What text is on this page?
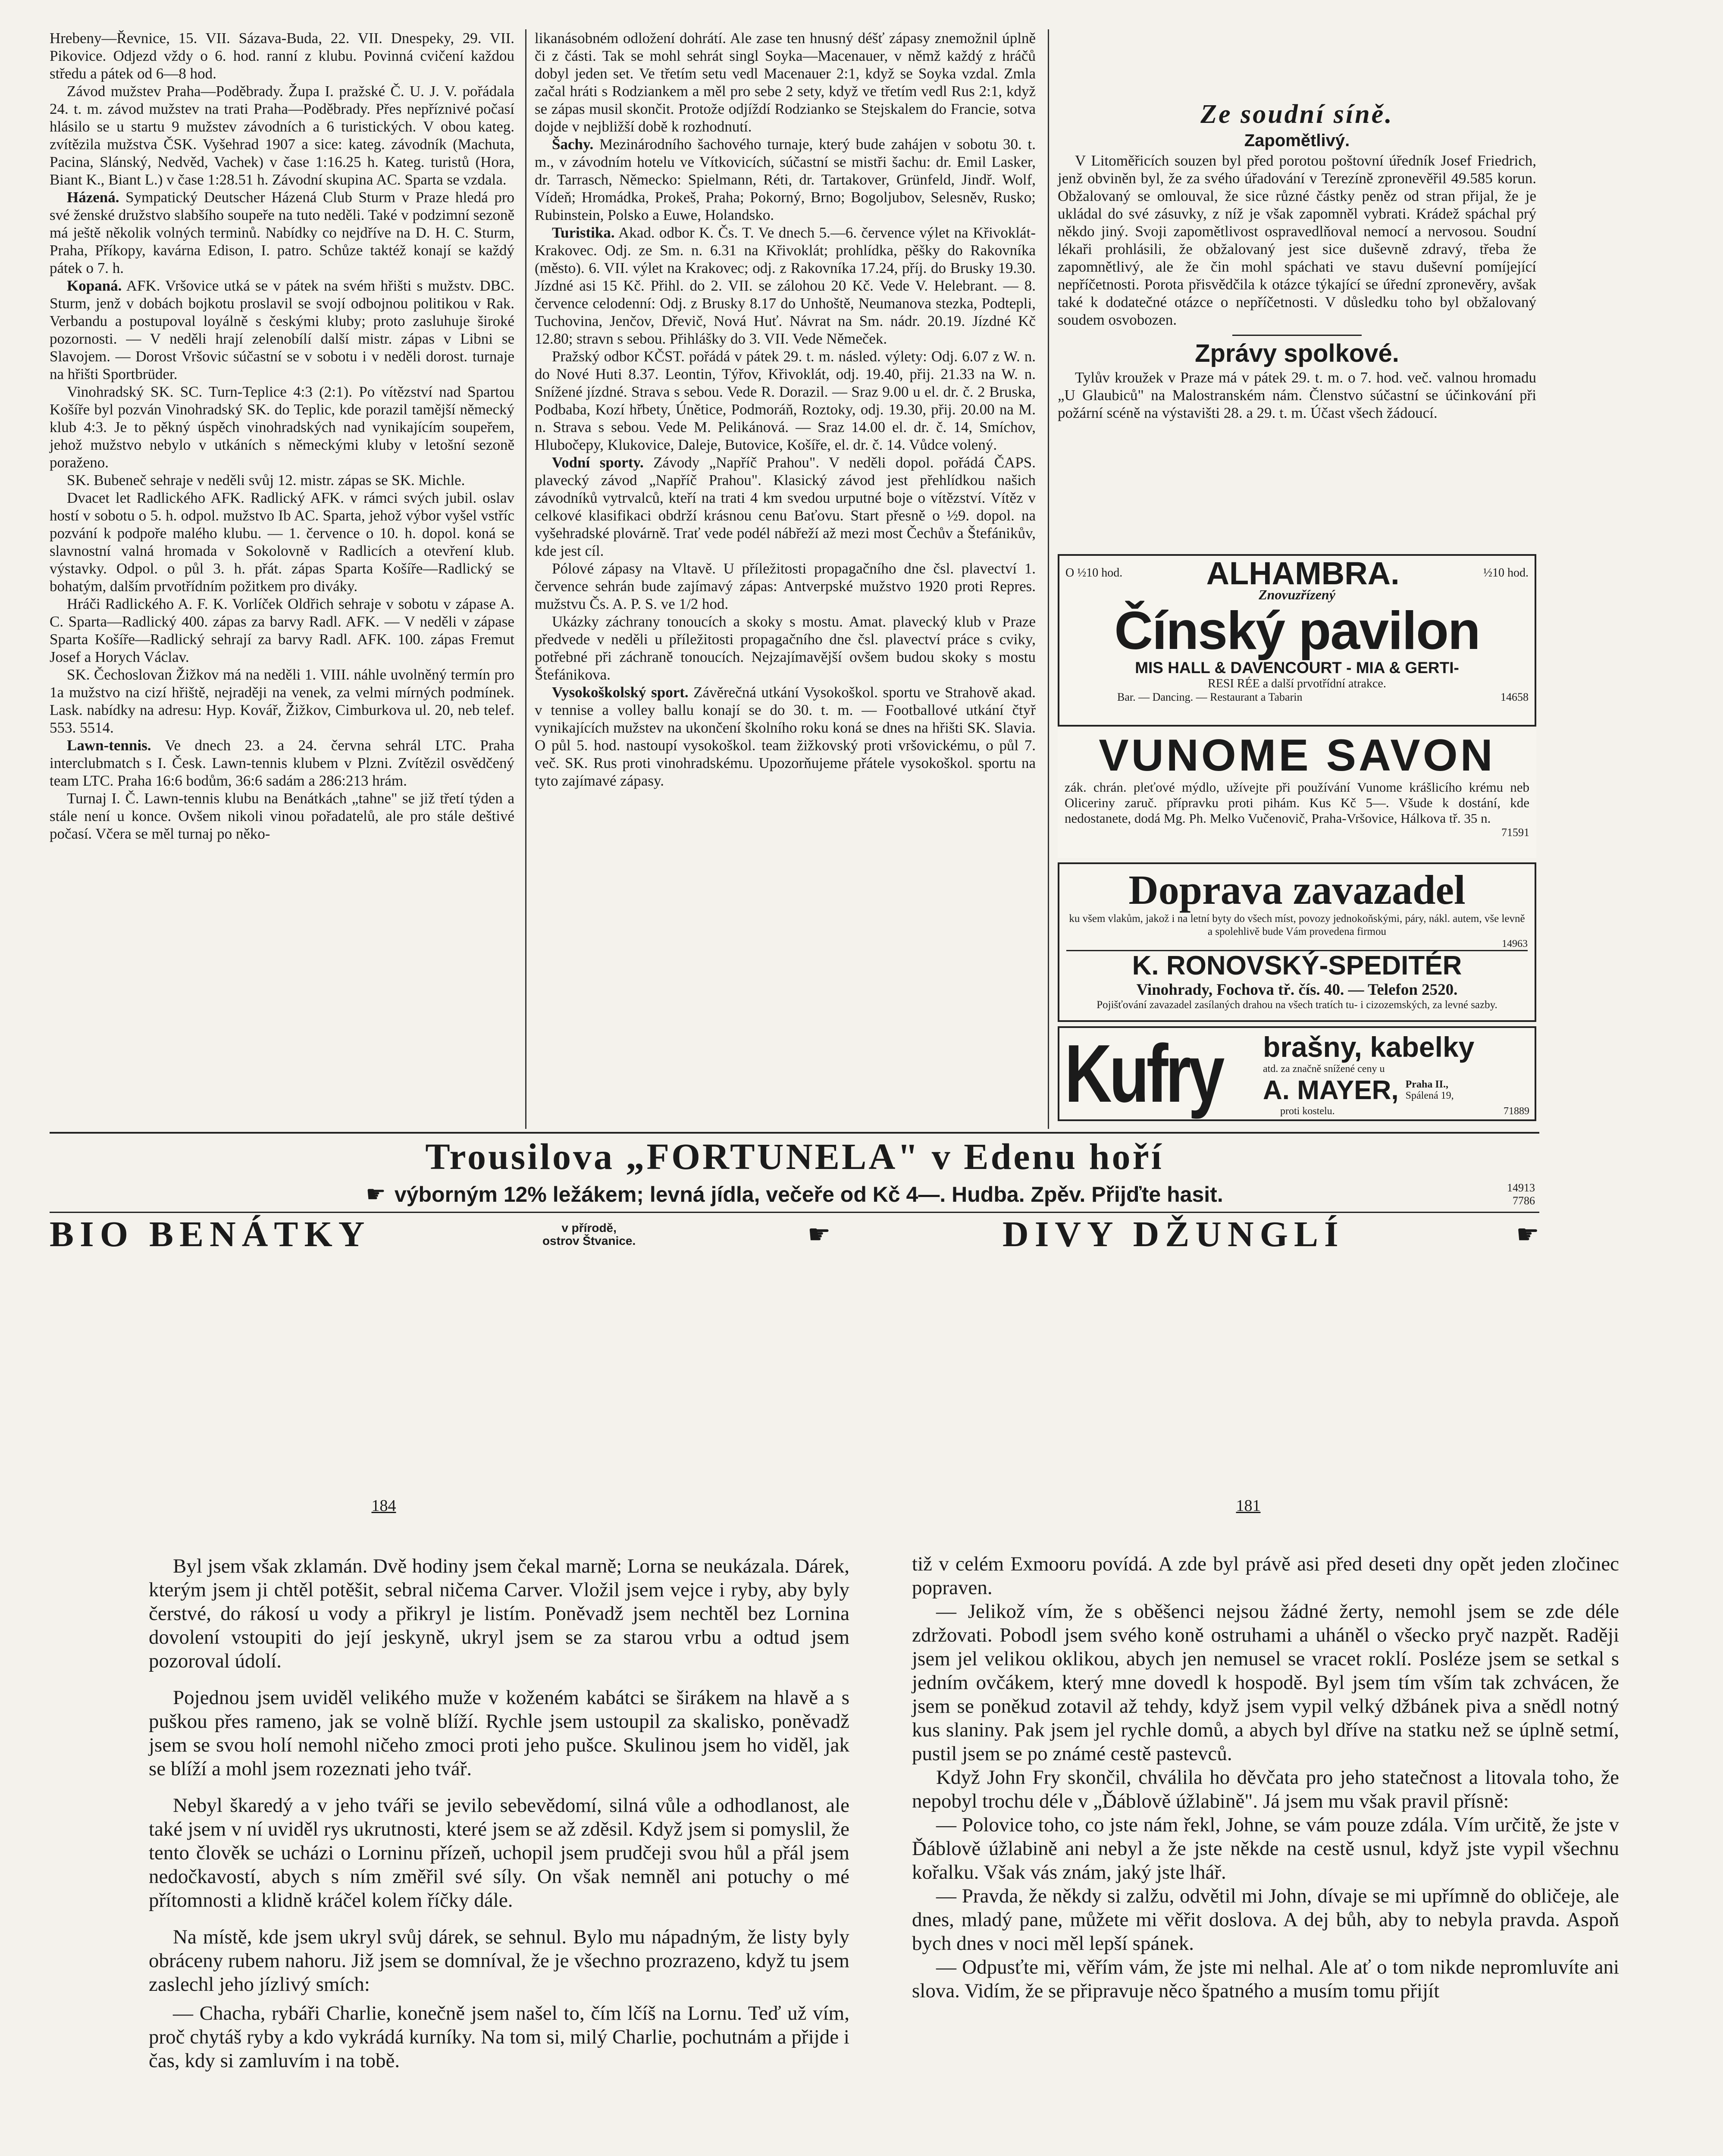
Hrebeny—Řevnice, 15. VII. Sázava-Buda, 22. VII. Dnespeky, 29. VII. Pikovice. Odjezd vždy o 6. hod. ranní z klubu. Povinná cvičení každou středu a pátek od 6—8 hod.

Závod mužstev Praha—Poděbrady. Župa I. pražské Č. U. J. V. pořádala 24. t. m. závod mužstev na trati Praha—Poděbrady. Přes nepříznivé počasí hlásilo se u startu 9 mužstev závodních a 6 turistických. V obou kateg. zvítězila mužstva ČSK. Vyšehrad 1907 a sice: kateg. závodník (Machuta, Pacina, Slánský, Nedvěd, Vachek) v čase 1:16.25 h. Kateg. turistů (Hora, Biant K., Biant L.) v čase 1:28.51 h. Závodní skupina AC. Sparta se vzdala.

Házená. Sympatický Deutscher Házená Club Sturm v Praze hledá pro své ženské družstvo slabšího soupeře na tuto neděli. Také v podzimní sezoně má ještě několik volných terminů. Nabídky co nejdříve na D. H. C. Sturm, Praha, Příkopy, kavárna Edison, I. patro. Schůze taktéž konají se každý pátek o 7. h.

Kopaná. AFK. Vršovice utká se v pátek na svém hřišti s mužstv. DBC. Sturm, jenž v dobách bojkotu proslavil se svojí odbojnou politikou v Rak. Verbandu a postupoval loyálně s českými kluby; proto zasluhuje široké pozornosti. — V neděli hrají zelenobílí další mistr. zápas v Libni se Slavojem. — Dorost Vršovic súčastní se v sobotu i v neděli dorost. turnaje na hřišti Sportbrüder.

Vinohradský SK. SC. Turn-Teplice 4:3 (2:1). Po vítězství nad Spartou Košíře byl pozván Vinohradský SK. do Teplic, kde porazil tamější německý klub 4:3. Je to pěkný úspěch vinohradských nad vynikajícím soupeřem, jehož mužstvo nebylo v utkáních s německými kluby v letošní sezoně poraženo.

SK. Bubeneč sehraje v neděli svůj 12. mistr. zápas se SK. Michle.

Dvacet let Radlického AFK. Radlický AFK. v rámci svých jubil. oslav hostí v sobotu o 5. h. odpol. mužstvo Ib AC. Sparta, jehož výbor vyšel vstříc pozvání k podpoře malého klubu. — 1. července o 10. h. dopol. koná se slavnostní valná hromada v Sokolovně v Radlicích a otevření klub. výstavky. Odpol. o půl 3. h. přát. zápas Sparta Košíře—Radlický se bohatým, dalším prvotřídním požitkem pro diváky.

Hráči Radlického A. F. K. Vorlíček Oldřich sehraje v sobotu v zápase A. C. Sparta—Radlický 400. zápas za barvy Radl. AFK. — V neděli v zápase Sparta Košíře—Radlický sehrají za barvy Radl. AFK. 100. zápas Fremut Josef a Horych Václav.

SK. Čechoslovan Žižkov má na neděli 1. VIII. náhle uvolněný termín pro 1a mužstvo na cizí hřiště, nejraději na venek, za velmi mírných podmínek. Lask. nabídky na adresu: Hyp. Kovář, Žižkov, Cimburkova ul. 20, neb telef. 553. 5514.

Lawn-tennis. Ve dnech 23. a 24. června sehrál LTC. Praha interclubmatch s I. Česk. Lawn-tennis klubem v Plzni. Zvítězil osvědčený team LTC. Praha 16:6 bodům, 36:6 sadám a 286:213 hrám.

Turnaj I. Č. Lawn-tennis klubu na Benátkách „tahne" se již třetí týden a stále není u konce. Ovšem nikoli vinou pořadatelů, ale pro stále deštivé počasí. Včera se měl turnaj po něko-

likanásobném odložení dohrátí. Ale zase ten hnusný déšť zápasy znemožnil úplně či z části. Tak se mohl sehrát singl Soyka—Macenauer, v němž každý z hráčů dobyl jeden set. Ve třetím setu vedl Macenauer 2:1, když se Soyka vzdal. Zmla začal hráti s Rodziankem a měl pro sebe 2 sety, když ve třetím vedl Rus 2:1, když se zápas musil skončit. Protože odjíždí Rodzianko se Stejskalem do Francie, sotva dojde v nejbližší době k rozhodnutí.

Šachy. Mezinárodního šachového turnaje, který bude zahájen v sobotu 30. t. m., v závodním hotelu ve Vítkovicích, súčastní se mistři šachu: dr. Emil Lasker, dr. Tarrasch, Německo: Spielmann, Réti, dr. Tartakover, Grünfeld, Jindř. Wolf, Vídeň; Hromádka, Prokeš, Praha; Pokorný, Brno; Bogoljubov, Selesněv, Rusko; Rubinstein, Polsko a Euwe, Holandsko.

Turistika. Akad. odbor K. Čs. T. Ve dnech 5.—6. července výlet na Křivoklát-Krakovec. Odj. ze Sm. n. 6.31 na Křivoklát; prohlídka, pěšky do Rakovníka (město). 6. VII. výlet na Krakovec; odj. z Rakovníka 17.24, příj. do Brusky 19.30. Jízdné asi 15 Kč. Přihl. do 2. VII. se zálohou 20 Kč. Vede V. Helebrant. — 8. července celodenní: Odj. z Brusky 8.17 do Unhoště, Neumanova stezka, Podtepli, Tuchovina, Jenčov, Dřevič, Nová Huť. Návrat na Sm. nádr. 20.19. Jízdné Kč 12.80; stravn s sebou. Přihlášky do 3. VII. Vede Němeček.

Pražský odbor KČST. pořádá v pátek 29. t. m. násled. výlety: Odj. 6.07 z W. n. do Nové Huti 8.37. Leontin, Týřov, Křivoklát, odj. 19.40, přij. 21.33 na W. n. Snížené jízdné. Strava s sebou. Vede R. Dorazil. — Sraz 9.00 u el. dr. č. 2 Bruska, Podbaba, Kozí hřbety, Únětice, Podmoráň, Roztoky, odj. 19.30, přij. 20.00 na M. n. Strava s sebou. Vede M. Pelikánová. — Sraz 14.00 el. dr. č. 14, Smíchov, Hlubočepy, Klukovice, Daleje, Butovice, Košíře, el. dr. č. 14. Vůdce volený.

Vodní sporty. Závody „Napříč Prahou". V neděli dopol. pořádá ČAPS. plavecký závod „Napříč Prahou". Klasický závod jest přehlídkou našich závodníků vytrvalců, kteří na trati 4 km svedou urputné boje o vítězství. Vítěz v celkové klasifikaci obdrží krásnou cenu Baťovu. Start přesně o ½9. dopol. na vyšehradské plovárně. Trať vede podél nábřeží až mezi most Čechův a Štefánikův, kde jest cíl.

Pólové zápasy na Vltavě. U příležitosti propagačního dne čsl. plavectví 1. července sehrán bude zajímavý zápas: Antverpské mužstvo 1920 proti Repres. mužstvu Čs. A. P. S. ve 1/2 hod.

Ukázky záchrany tonoucích a skoky s mostu. Amat. plavecký klub v Praze předvede v neděli u příležitosti propagačního dne čsl. plavectví práce s cviky, potřebné při záchraně tonoucích. Nejzajímavější ovšem budou skoky s mostu Štefánikova.

Vysokoškolský sport. Závěrečná utkání Vysokoškol. sportu ve Strahově akad. v tennise a volley ballu konají se do 30. t. m. — Footballové utkání čtyř vynikajících mužstev na ukončení školního roku koná se dnes na hřišti SK. Slavia. O půl 5. hod. nastoupí vysokoškol. team žižkovský proti vršovickému, o půl 7. več. SK. Rus proti vinohradskému. Upozorňujeme přátele vysokoškol. sportu na tyto zajímavé zápasy.

Ze soudní síně.
Zapomětlivý.
V Litoměřicích souzen byl před porotou poštovní úředník Josef Friedrich, jenž obviněn byl, že za svého úřadování v Terezíně zpronevěřil 49.585 korun. Obžalovaný se omlouval, že sice různé částky peněz od stran přijal, že je ukládal do své zásuvky, z níž je však zapomněl vybrati. Krádež spáchal prý někdo jiný. Svoji zapomětlivost ospravedlňoval nemocí a nervosou. Soudní lékaři prohlásili, že obžalovaný jest sice duševně zdravý, třeba že zapomnětlivý, ale že čin mohl spáchati ve stavu duševní pomíjející nepříčetnosti. Porota přisvědčila k otázce týkající se úřední zpronevěry, avšak také k dodatečné otázce o nepříčetnosti. V důsledku toho byl obžalovaný soudem osvobozen.
Zprávy spolkové.
Tylův kroužek v Praze má v pátek 29. t. m. o 7. hod. več. valnou hromadu „U Glaubiců" na Malostranském nám. Členstvo súčastní se účinkování při požární scéně na výstavišti 28. a 29. t. m. Účast všech žádoucí.
O ½10 hod.	ALHAMBRA.	½10 hod.
Znovuzřízený
Čínský pavilon
MIS HALL & DAVENCOURT - MIA & GERTI-
RESI RÉE a další prvotřídní atrakce.
Bar. — Dancing. — Restaurant a Tabarin	14658
VUNOME SAVON
zák. chrán. pleťové mýdlo, užívejte při používání Vunome krášlicího krému neb Oliceriny zaruč. přípravku proti pihám. Kus Kč 5—. Všude k dostání, kde nedostanete, dodá Mg. Ph. Melko Vučenovič, Praha-Vršovice, Hálkova tř. 35 n.
71591
Doprava zavazadel
ku všem vlakům, jakož i na letní byty do všech míst, povozy jednokoňskými, páry, nákl. autem, vše levně a spolehlivě bude Vám provedena firmou
14963
K. RONOVSKÝ-SPEDITÉR
Vinohrady, Fochova tř. čís. 40. — Telefon 2520.
Pojišťování zavazadel zasílaných drahou na všech tratích tu- i cizozemských, za levné sazby.
Kufry brašny, kabelky
atd. za značně snížené ceny u
A. MAYER, Praha II.,
Spálená 19,
proti kostelu.	71889
Trousilova „FORTUNELA" v Edenu hoří
☛ výborným 12% ležákem; levná jídla, večeře od Kč 4—. Hudba. Zpěv. Přijďte hasit.	14913
7786
BIO BENÁTKY	v přírodě,
ostrov Štvanice.	☛	DIVY DŽUNGLÍ	☛
184	181

Byl jsem však zklamán. Dvě hodiny jsem čekal marně; Lorna se neukázala. Dárek, kterým jsem ji chtěl potěšit, sebral ničema Carver. Vložil jsem vejce i ryby, aby byly čerstvé, do rákosí u vody a přikryl je listím. Poněvadž jsem nechtěl bez Lornina dovolení vstoupiti do její jeskyně, ukryl jsem se za starou vrbu a odtud jsem pozoroval údolí.

Pojednou jsem uviděl velikého muže v koženém kabátci se širákem na hlavě a s puškou přes rameno, jak se volně blíží. Rychle jsem ustoupil za skalisko, poněvadž jsem se svou holí nemohl ničeho zmoci proti jeho pušce. Skulinou jsem ho viděl, jak se blíží a mohl jsem rozeznati jeho tvář.

Nebyl škaredý a v jeho tváři se jevilo sebevědomí, silná vůle a odhodlanost, ale také jsem v ní uviděl rys ukrutnosti, které jsem se až zděsil. Když jsem si pomyslil, že tento člověk se ucházi o Lorninu přízeň, uchopil jsem prudčeji svou hůl a přál jsem nedočkavostí, abych s ním změřil své síly. On však nemněl ani potuchy o mé přítomnosti a klidně kráčel kolem říčky dále.

Na místě, kde jsem ukryl svůj dárek, se sehnul. Bylo mu nápadným, že listy byly obráceny rubem nahoru. Již jsem se domníval, že je všechno prozrazeno, když tu jsem zaslechl jeho jízlivý smích:

— Chacha, rybáři Charlie, konečně jsem našel to, čím lčíš na Lornu. Teď už vím, proč chytáš ryby a kdo vykrádá kurníky. Na tom si, milý Charlie, pochutnám a přijde i čas, kdy si zamluvím i na tobě.

tiž v celém Exmooru povídá. A zde byl právě asi před deseti dny opět jeden zločinec popraven.

— Jelikož vím, že s oběšenci nejsou žádné žerty, nemohl jsem se zde déle zdržovati. Pobodl jsem svého koně ostruhami a uháněl o všecko pryč nazpět. Raději jsem jel velikou oklikou, abych jen nemusel se vracet roklí. Posléze jsem se setkal s jedním ovčákem, který mne dovedl k hospodě. Byl jsem tím vším tak zchvácen, že jsem se poněkud zotavil až tehdy, když jsem vypil velký džbánek piva a snědl notný kus slaniny. Pak jsem jel rychle domů, a abych byl dříve na statku než se úplně setmí, pustil jsem se po známé cestě pastevců.

Když John Fry skončil, chválila ho děvčata pro jeho statečnost a litovala toho, že nepobyl trochu déle v „Ďáblově úžlabině". Já jsem mu však pravil přísně:

— Polovice toho, co jste nám řekl, Johne, se vám pouze zdála. Vím určitě, že jste v Ďáblově úžlabině ani nebyl a že jste někde na cestě usnul, když jste vypil všechnu kořalku. Však vás znám, jaký jste lhář.

— Pravda, že někdy si zalžu, odvětil mi John, dívaje se mi upřímně do obličeje, ale dnes, mladý pane, můžete mi věřit doslova. A dej bůh, aby to nebyla pravda. Aspoň bych dnes v noci měl lepší spánek.

— Odpusťte mi, věřím vám, že jste mi nelhal. Ale ať o tom nikde nepromluvíte ani slova. Vidím, že se připravuje něco špatného a musím tomu přijít
